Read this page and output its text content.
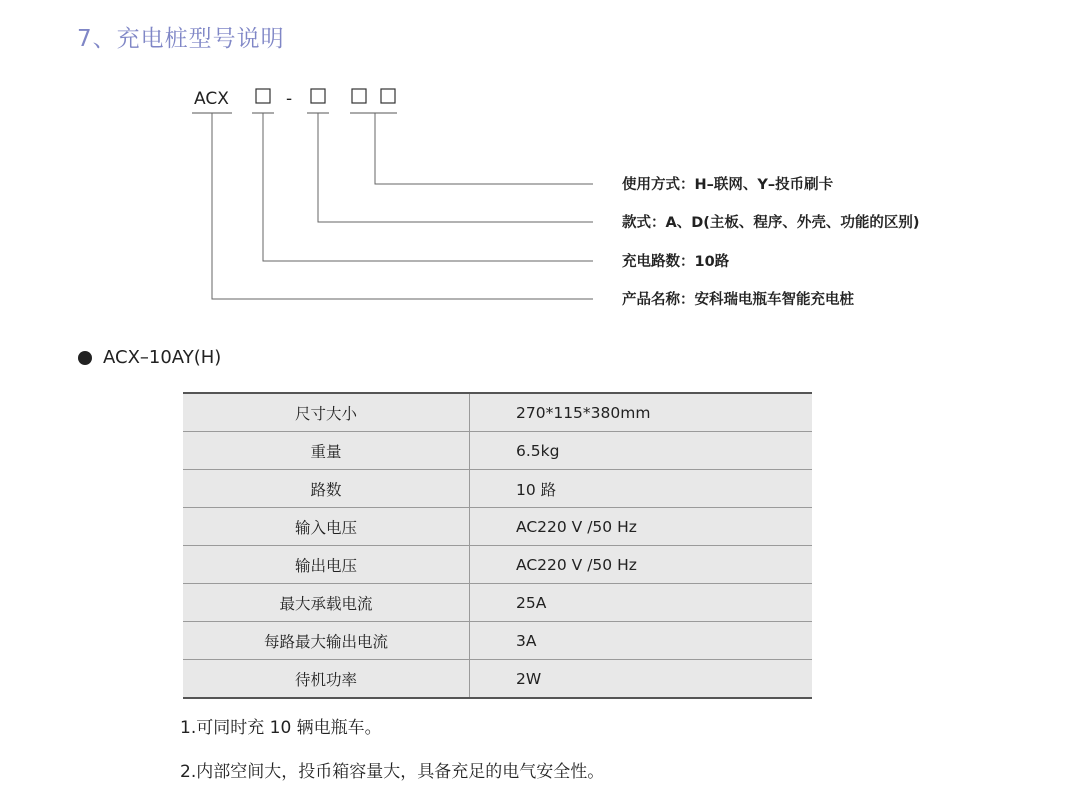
7、充电桩型号说明
ACX	-
使用方式：H–联网、Y–投币刷卡
款式：A、D(主板、程序、外壳、功能的区别)
充电路数：10路
产品名称：安科瑞电瓶车智能充电桩
ACX–10AY(H)
尺寸大小	270*115*380mm
重量	6.5kg
路数	10 路
输入电压	AC220 V /50 Hz
输出电压	AC220 V /50 Hz
最大承载电流	25A
每路最大输出电流	3A
待机功率	2W
1.可同时充 10 辆电瓶车。
2.内部空间大，投币箱容量大，具备充足的电气安全性。
